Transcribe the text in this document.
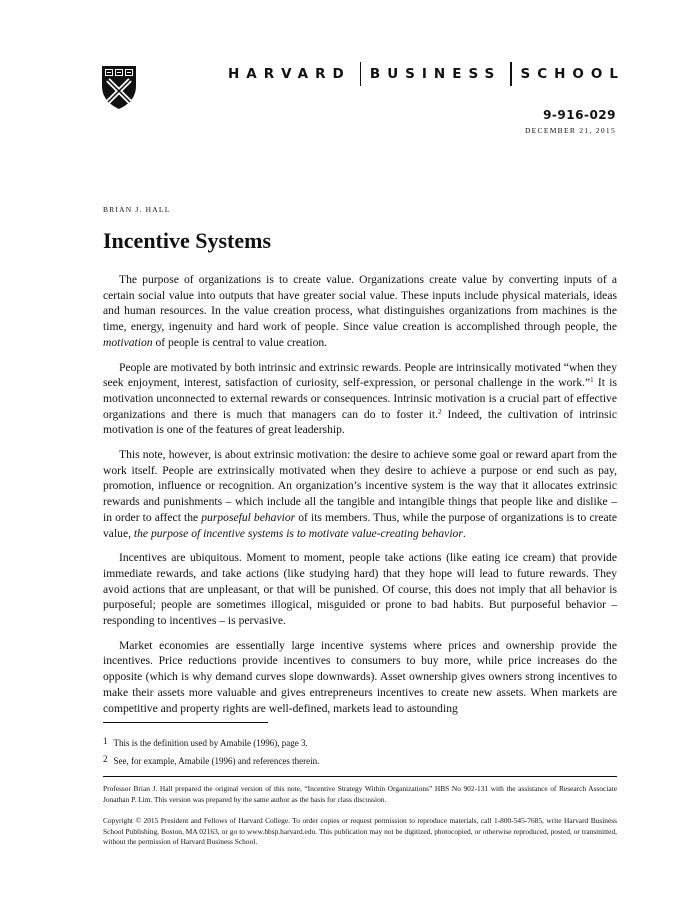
HARVARD BUSINESS SCHOOL
9-916-029
DECEMBER 21, 2015
BRIAN J. HALL
Incentive Systems

The purpose of organizations is to create value. Organizations create value by converting inputs of a certain social value into outputs that have greater social value. These inputs include physical materials, ideas and human resources. In the value creation process, what distinguishes organizations from machines is the time, energy, ingenuity and hard work of people. Since value creation is accomplished through people, the motivation of people is central to value creation.

People are motivated by both intrinsic and extrinsic rewards. People are intrinsically motivated “when they seek enjoyment, interest, satisfaction of curiosity, self-expression, or personal challenge in the work.”$^1$ It is motivation unconnected to external rewards or consequences. Intrinsic motivation is a crucial part of effective organizations and there is much that managers can do to foster it.$^2$ Indeed, the cultivation of intrinsic motivation is one of the features of great leadership.

This note, however, is about extrinsic motivation: the desire to achieve some goal or reward apart from the work itself. People are extrinsically motivated when they desire to achieve a purpose or end such as pay, promotion, influence or recognition. An organization’s incentive system is the way that it allocates extrinsic rewards and punishments – which include all the tangible and intangible things that people like and dislike – in order to affect the purposeful behavior of its members. Thus, while the purpose of organizations is to create value, the purpose of incentive systems is to motivate value-creating behavior.

Incentives are ubiquitous. Moment to moment, people take actions (like eating ice cream) that provide immediate rewards, and take actions (like studying hard) that they hope will lead to future rewards. They avoid actions that are unpleasant, or that will be punished. Of course, this does not imply that all behavior is purposeful; people are sometimes illogical, misguided or prone to bad habits. But purposeful behavior – responding to incentives – is pervasive.

Market economies are essentially large incentive systems where prices and ownership provide the incentives. Price reductions provide incentives to consumers to buy more, while price increases do the opposite (which is why demand curves slope downwards). Asset ownership gives owners strong incentives to make their assets more valuable and gives entrepreneurs incentives to create new assets. When markets are competitive and property rights are well-defined, markets lead to astounding

1 This is the definition used by Amabile (1996), page 3.
2 See, for example, Amabile (1996) and references therein.
Professor Brian J. Hall prepared the original version of this note, “Incentive Strategy Within Organizations” HBS No 902-131 with the assistance of Research Associate Jonathan P. Lim. This version was prepared by the same author as the basis for class discussion.
Copyright © 2015 President and Fellows of Harvard College. To order copies or request permission to reproduce materials, call 1-800-545-7685, write Harvard Business School Publishing, Boston, MA 02163, or go to www.hbsp.harvard.edu. This publication may not be digitized, photocopied, or otherwise reproduced, posted, or transmitted, without the permission of Harvard Business School.
